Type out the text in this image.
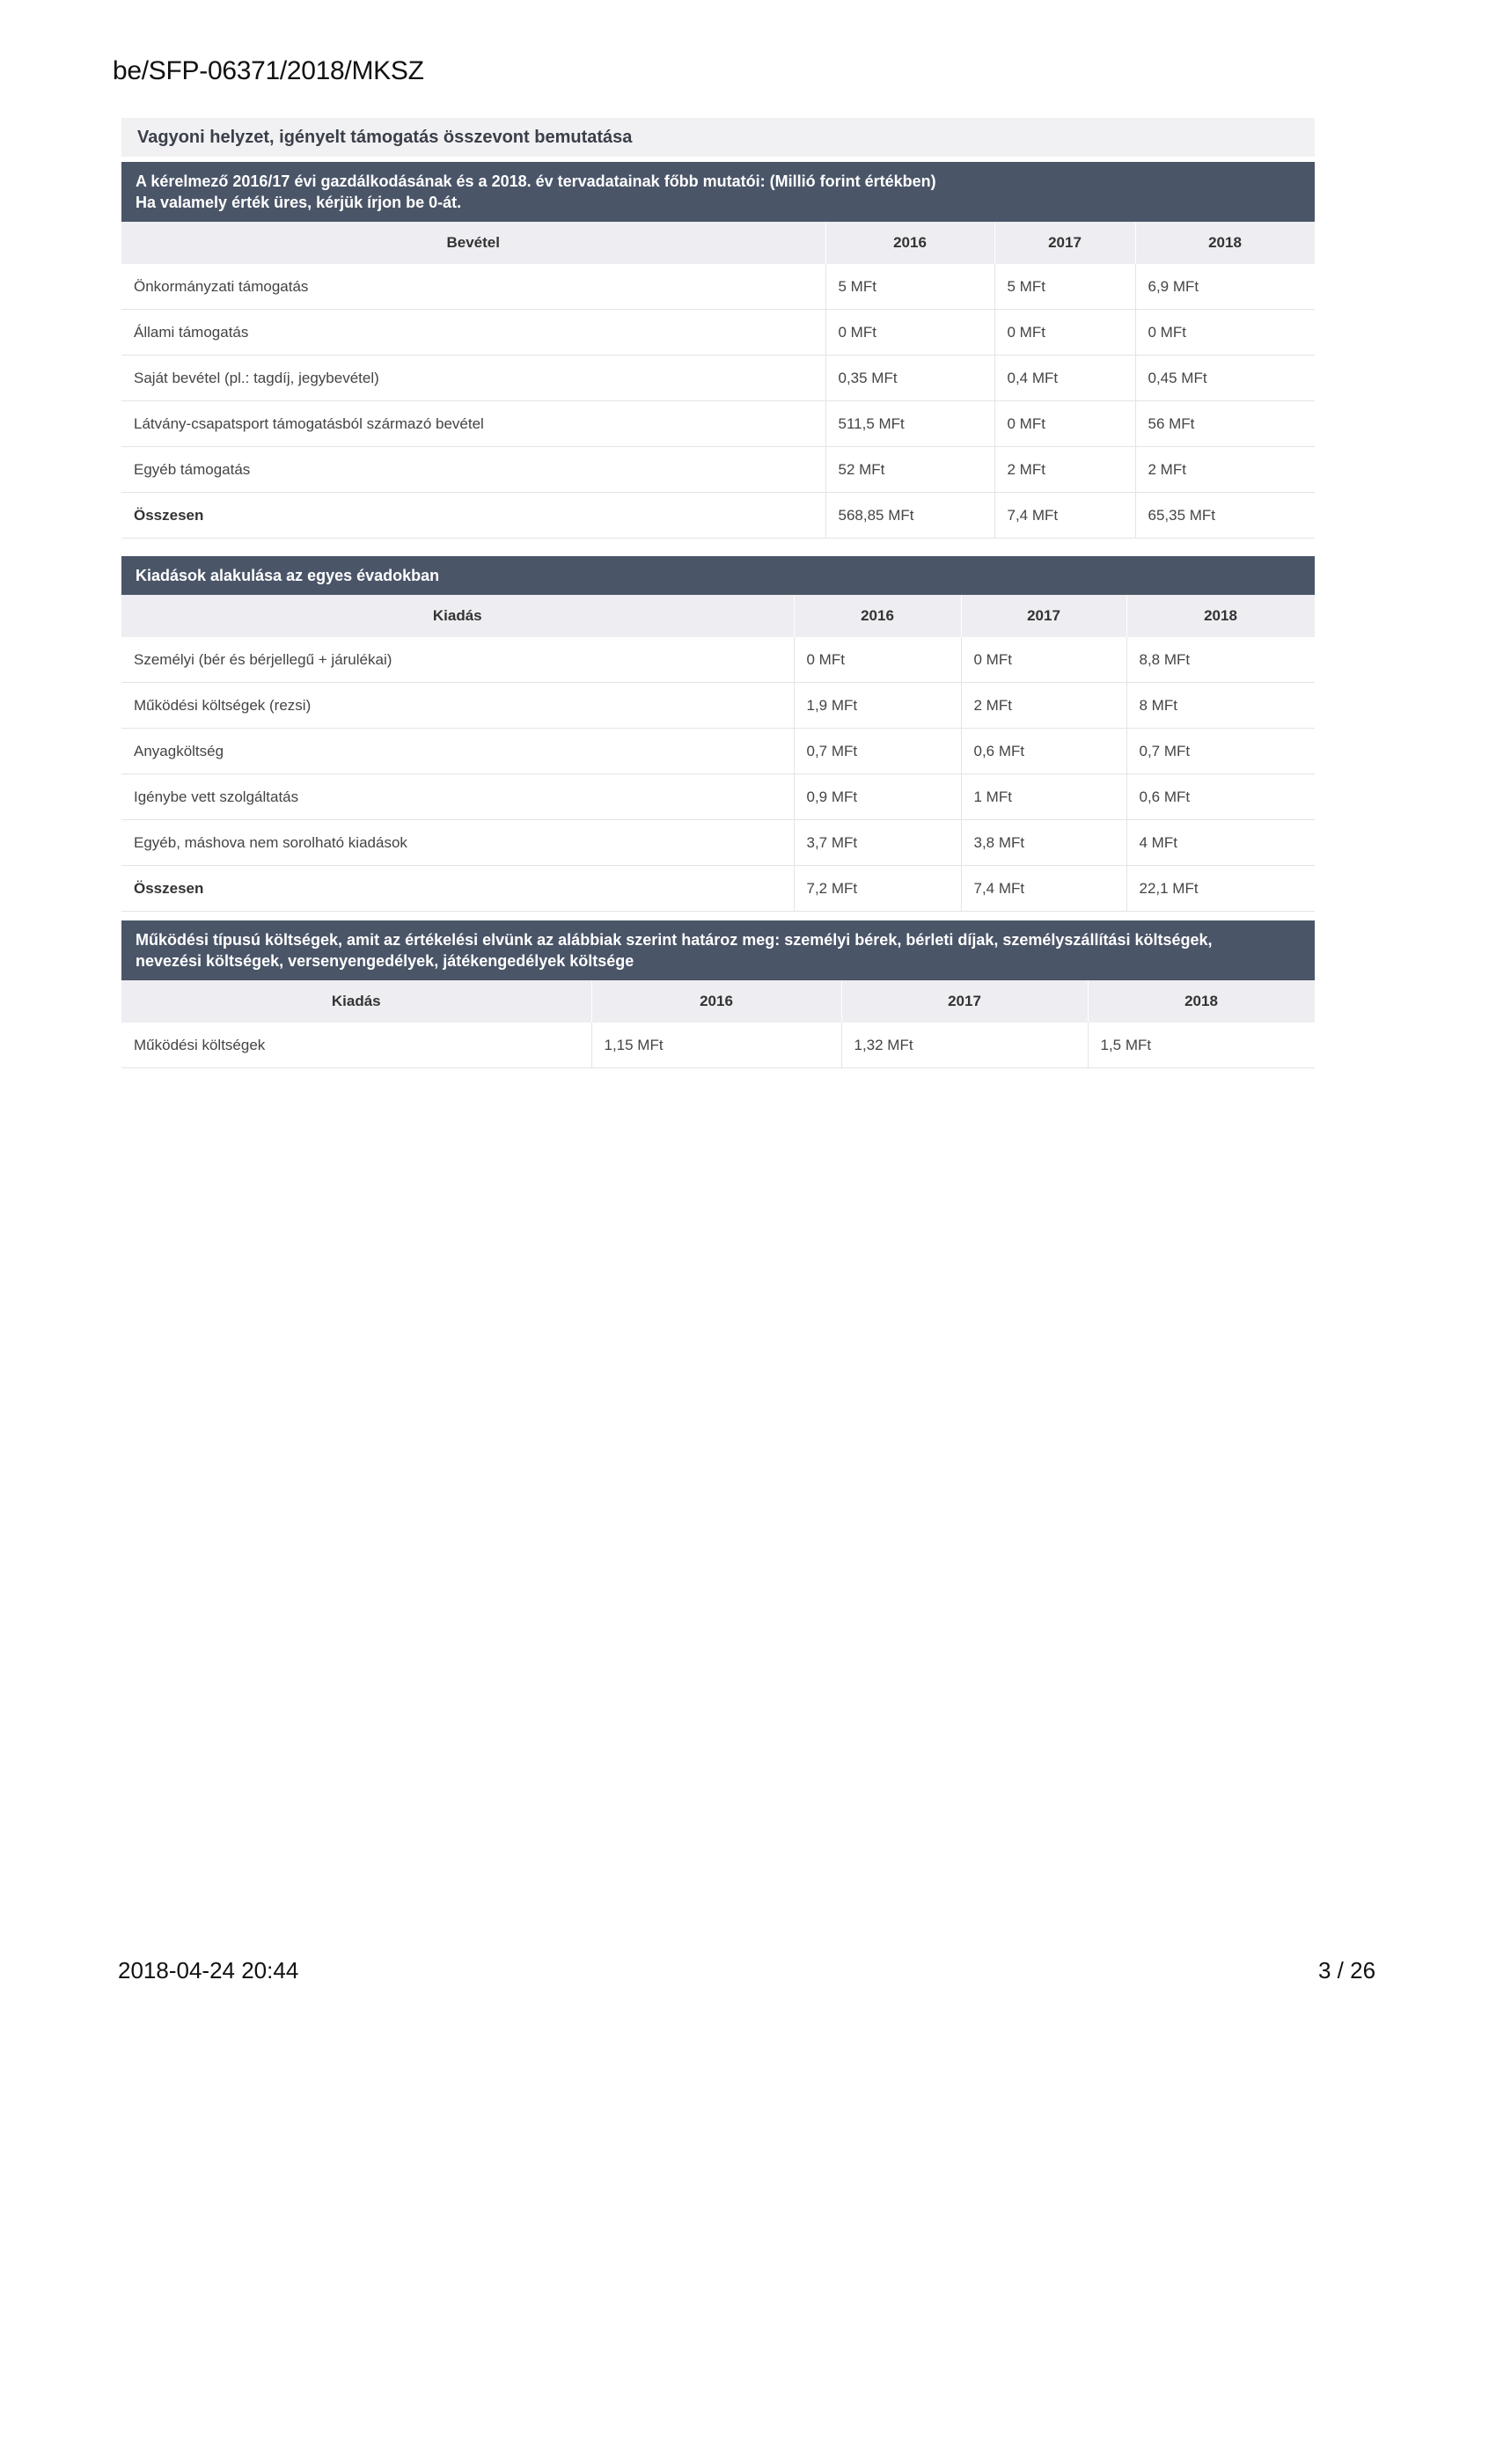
be/SFP-06371/2018/MKSZ
Vagyoni helyzet, igényelt támogatás összevont bemutatása
A kérelmező 2016/17 évi gazdálkodásának és a 2018. év tervadatainak főbb mutatói: (Millió forint értékben)
Ha valamely érték üres, kérjük írjon be 0-át.
Bevétel	2016	2017	2018
Önkormányzati támogatás	5 MFt	5 MFt	6,9 MFt
Állami támogatás	0 MFt	0 MFt	0 MFt
Saját bevétel (pl.: tagdíj, jegybevétel)	0,35 MFt	0,4 MFt	0,45 MFt
Látvány-csapatsport támogatásból származó bevétel	511,5 MFt	0 MFt	56 MFt
Egyéb támogatás	52 MFt	2 MFt	2 MFt
Összesen	568,85 MFt	7,4 MFt	65,35 MFt
Kiadások alakulása az egyes évadokban
Kiadás	2016	2017	2018
Személyi (bér és bérjellegű + járulékai)	0 MFt	0 MFt	8,8 MFt
Működési költségek (rezsi)	1,9 MFt	2 MFt	8 MFt
Anyagköltség	0,7 MFt	0,6 MFt	0,7 MFt
Igénybe vett szolgáltatás	0,9 MFt	1 MFt	0,6 MFt
Egyéb, máshova nem sorolható kiadások	3,7 MFt	3,8 MFt	4 MFt
Összesen	7,2 MFt	7,4 MFt	22,1 MFt
Működési típusú költségek, amit az értékelési elvünk az alábbiak szerint határoz meg: személyi bérek, bérleti díjak, személyszállítási költségek,
nevezési költségek, versenyengedélyek, játékengedélyek költsége
Kiadás	2016	2017	2018
Működési költségek	1,15 MFt	1,32 MFt	1,5 MFt
2018-04-24 20:44	3 / 26
